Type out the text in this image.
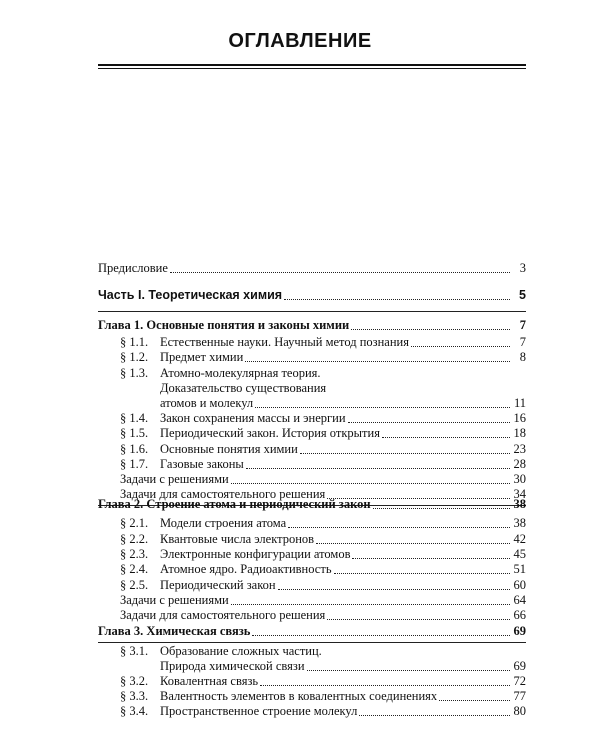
ОГЛАВЛЕНИЕ
Предисловие	3
Часть I. Теоретическая химия	5
Глава 1. Основные понятия и законы химии	7
§ 1.1. Естественные науки. Научный метод познания	7
§ 1.2. Предмет химии	8
§ 1.3. Атомно-молекулярная теория.
Доказательство существования
атомов и молекул	11
§ 1.4. Закон сохранения массы и энергии	16
§ 1.5. Периодический закон. История открытия	18
§ 1.6. Основные понятия химии	23
§ 1.7. Газовые законы	28
Задачи с решениями	30
Задачи для самостоятельного решения	34
Глава 2. Строение атома и периодический закон	38
§ 2.1. Модели строения атома	38
§ 2.2. Квантовые числа электронов	42
§ 2.3. Электронные конфигурации атомов	45
§ 2.4. Атомное ядро. Радиоактивность	51
§ 2.5. Периодический закон	60
Задачи с решениями	64
Задачи для самостоятельного решения	66
Глава 3. Химическая связь	69
§ 3.1. Образование сложных частиц.
Природа химической связи	69
§ 3.2. Ковалентная связь	72
§ 3.3. Валентность элементов в ковалентных соединениях	77
§ 3.4. Пространственное строение молекул	80
